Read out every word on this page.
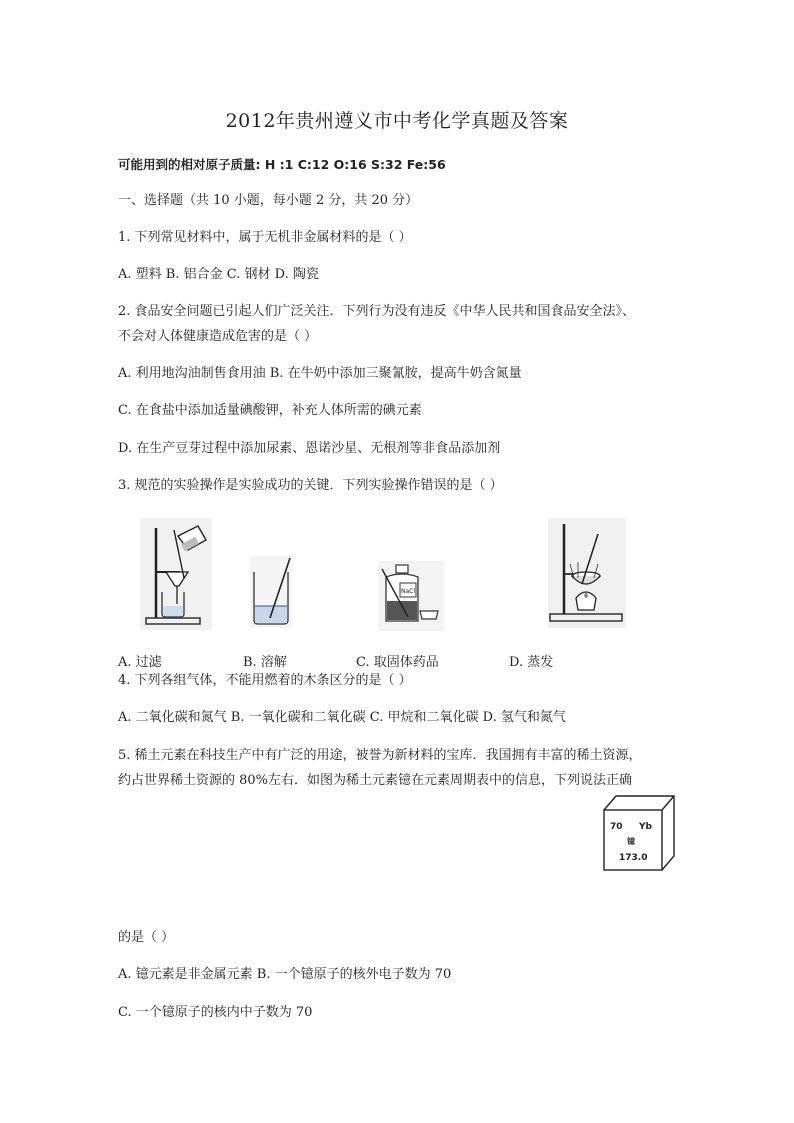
2012年贵州遵义市中考化学真题及答案
可能用到的相对原子质量: H :1 C:12 O:16 S:32 Fe:56
一、选择题（共 10 小题，每小题 2 分，共 20 分）
1. 下列常见材料中，属于无机非金属材料的是（ ）
A. 塑料 B. 铝合金 C. 钢材 D. 陶瓷
2. 食品安全问题已引起人们广泛关注．下列行为没有违反《中华人民共和国食品安全法》、
不会对人体健康造成危害的是（ ）
A. 利用地沟油制售食用油 B. 在牛奶中添加三聚氰胺，提高牛奶含氮量
C. 在食盐中添加适量碘酸钾，补充人体所需的碘元素
D. 在生产豆芽过程中添加尿素、恩诺沙星、无根剂等非食品添加剂
3. 规范的实验操作是实验成功的关键．下列实验操作错误的是（ ）
NaCl
A. 过滤	B. 溶解	C. 取固体药品	D. 蒸发
4. 下列各组气体，不能用燃着的木条区分的是（ ）
A. 二氧化碳和氮气 B. 一氧化碳和二氧化碳 C. 甲烷和二氧化碳 D. 氢气和氮气
5. 稀土元素在科技生产中有广泛的用途，被誉为新材料的宝库．我国拥有丰富的稀土资源，
约占世界稀土资源的 80%左右．如图为稀土元素镱在元素周期表中的信息，下列说法正确
70 Yb
镱
173.0
的是（ ）
A. 镱元素是非金属元素 B. 一个镱原子的核外电子数为 70
C. 一个镱原子的核内中子数为 70
